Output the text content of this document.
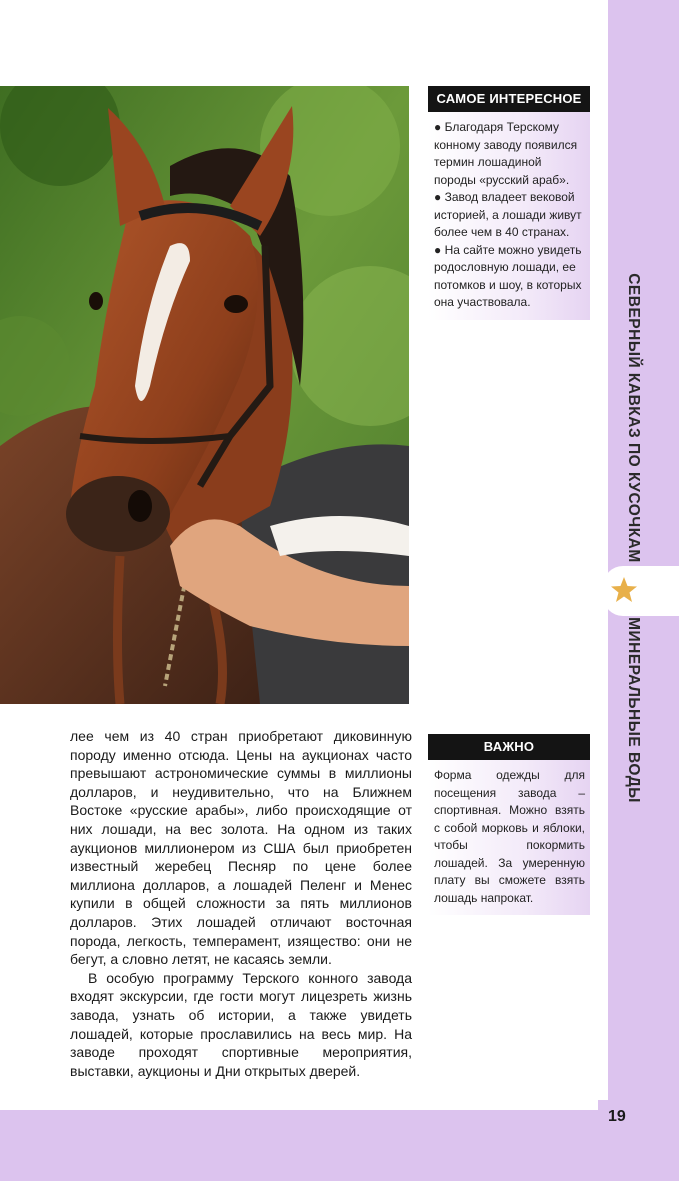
СЕВЕРНЫЙ КАВКАЗ ПО КУСОЧКАМ
МИНЕРАЛЬНЫЕ ВОДЫ
САМОЕ ИНТЕРЕСНОЕ

● Благодаря Терскому конному заводу появился термин лошадиной породы «русский араб».

● Завод владеет вековой историей, а лошади живут более чем в 40 странах.

● На сайте можно увидеть родословную лошади, ее потомков и шоу, в которых она участвовала.

ВАЖНО

Форма одежды для посещения завода – спортивная. Можно взять с собой морковь и яблоки, чтобы покормить лошадей. За умеренную плату вы сможете взять лошадь напрокат.

лее чем из 40 стран приобретают диковинную породу именно отсюда. Цены на аукционах часто превышают астрономические суммы в миллионы долларов, и неудивительно, что на Ближнем Востоке «русские арабы», либо происходящие от них лошади, на вес золота. На одном из таких аукционов миллионером из США был приобретен известный жеребец Песняр по цене более миллиона долларов, а лошадей Пеленг и Менес купили в общей сложности за пять миллионов долларов. Этих лошадей отличают восточная порода, легкость, темперамент, изящество: они не бегут, а словно летят, не касаясь земли.

В особую программу Терского конного завода входят экскурсии, где гости могут лицезреть жизнь завода, узнать об истории, а также увидеть лошадей, которые прославились на весь мир. На заводе проходят спортивные мероприятия, выставки, аукционы и Дни открытых дверей.

19
